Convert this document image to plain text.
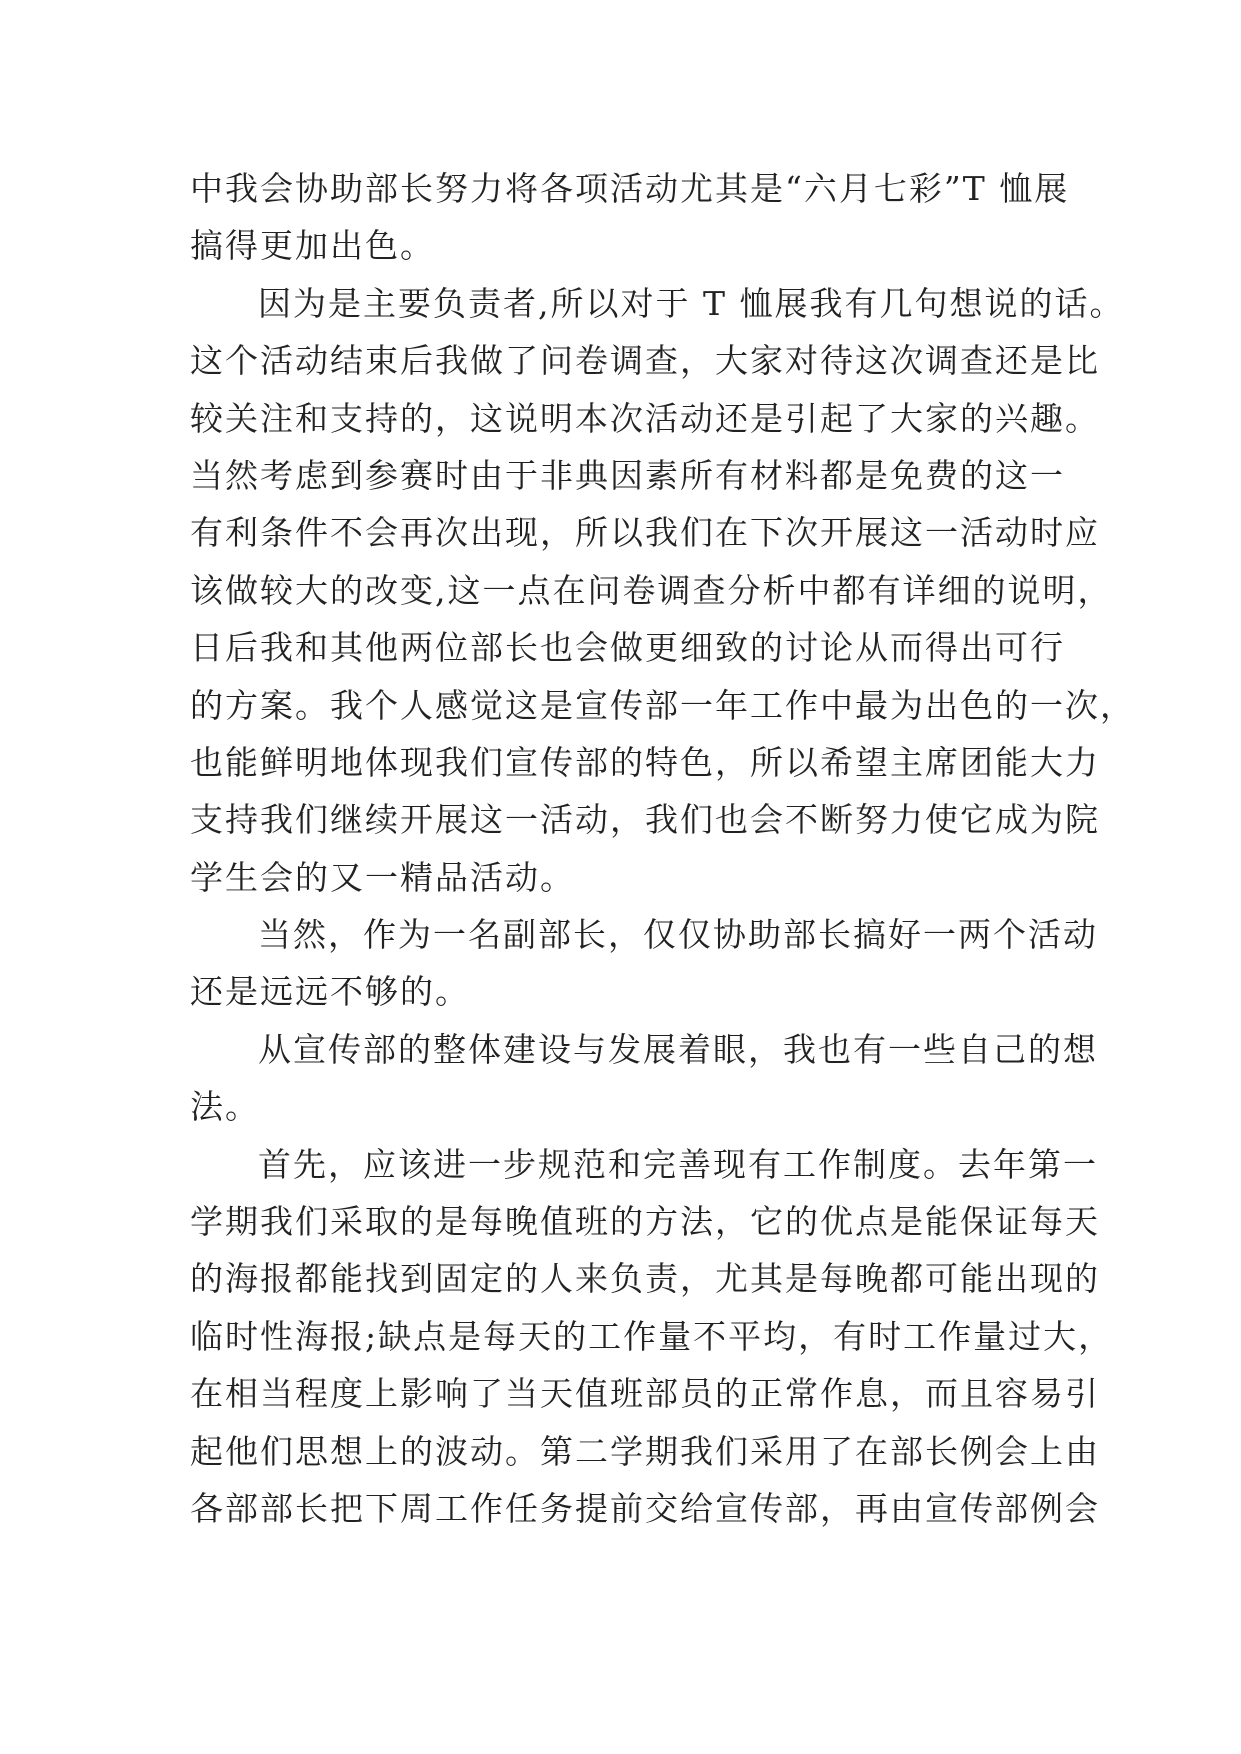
中我会协助部长努力将各项活动尤其是“六月七彩”T 恤展
搞得更加出色。
因为是主要负责者,所以对于 T 恤展我有几句想说的话。
这个活动结束后我做了问卷调查，大家对待这次调查还是比
较关注和支持的，这说明本次活动还是引起了大家的兴趣。
当然考虑到参赛时由于非典因素所有材料都是免费的这一
有利条件不会再次出现，所以我们在下次开展这一活动时应
该做较大的改变,这一点在问卷调查分析中都有详细的说明，
日后我和其他两位部长也会做更细致的讨论从而得出可行
的方案。我个人感觉这是宣传部一年工作中最为出色的一次，
也能鲜明地体现我们宣传部的特色，所以希望主席团能大力
支持我们继续开展这一活动，我们也会不断努力使它成为院
学生会的又一精品活动。
当然，作为一名副部长，仅仅协助部长搞好一两个活动
还是远远不够的。
从宣传部的整体建设与发展着眼，我也有一些自己的想
法。
首先，应该进一步规范和完善现有工作制度。去年第一
学期我们采取的是每晚值班的方法，它的优点是能保证每天
的海报都能找到固定的人来负责，尤其是每晚都可能出现的
临时性海报;缺点是每天的工作量不平均，有时工作量过大，
在相当程度上影响了当天值班部员的正常作息，而且容易引
起他们思想上的波动。第二学期我们采用了在部长例会上由
各部部长把下周工作任务提前交给宣传部，再由宣传部例会
